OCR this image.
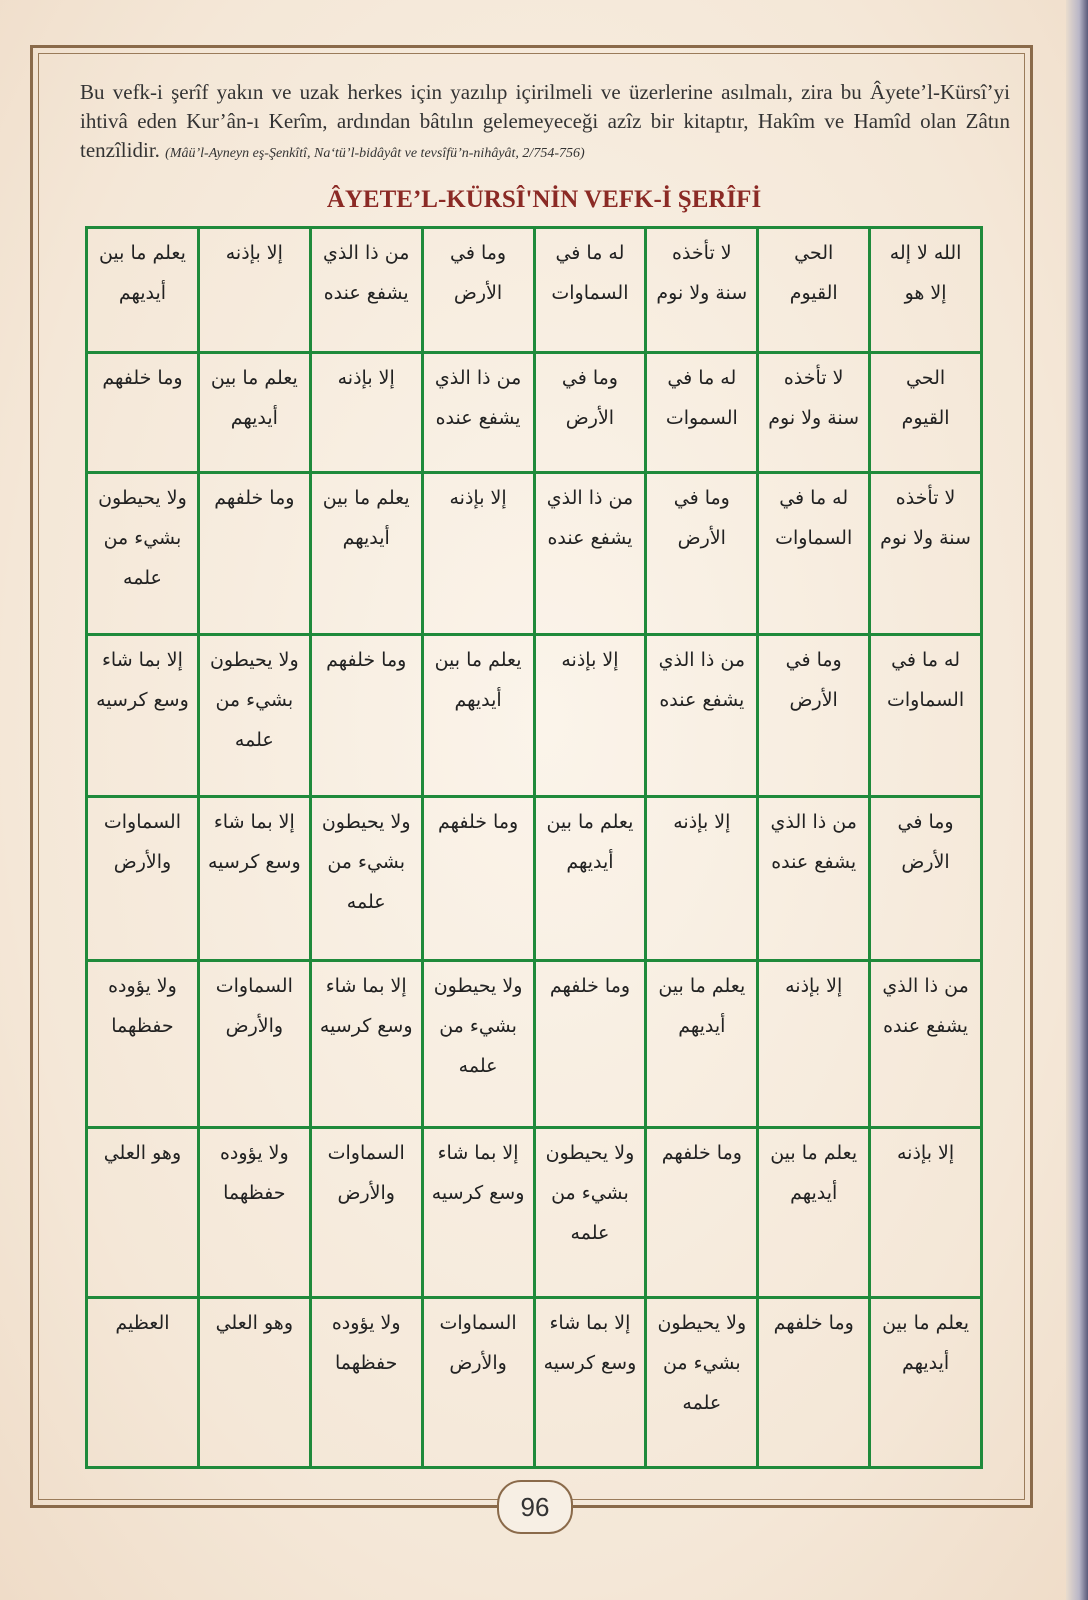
Bu vefk-i şerîf yakın ve uzak herkes için yazılıp içirilmeli ve üzerlerine asılmalı, zira bu Âyete’l-Kürsî’yi ihtivâ eden Kur’ân-ı Kerîm, ardından bâtılın gelemeyeceği azîz bir kitaptır, Hakîm ve Hamîd olan Zâtın tenzîlidir. (Mâü’l-Ayneyn eş-Şenkîtî, Na‘tü’l-bidâyât ve tevsîfü’n-nihâyât, 2/754-756)

ÂYETE’L-KÜRSÎ'NİN VEFK-İ ŞERÎFİ
الله لا إله إلا هو	الحي القيوم	لا تأخذه سنة ولا نوم	له ما في السماوات	وما في الأرض	من ذا الذي يشفع عنده	إلا بإذنه	يعلم ما بين أيديهم
الحي القيوم	لا تأخذه سنة ولا نوم	له ما في السموات	وما في الأرض	من ذا الذي يشفع عنده	إلا بإذنه	يعلم ما بين أيديهم	وما خلفهم
لا تأخذه سنة ولا نوم	له ما في السماوات	وما في الأرض	من ذا الذي يشفع عنده	إلا بإذنه	يعلم ما بين أيديهم	وما خلفهم	ولا يحيطون بشيء من علمه
له ما في السماوات	وما في الأرض	من ذا الذي يشفع عنده	إلا بإذنه	يعلم ما بين أيديهم	وما خلفهم	ولا يحيطون بشيء من علمه	إلا بما شاء وسع كرسيه
وما في الأرض	من ذا الذي يشفع عنده	إلا بإذنه	يعلم ما بين أيديهم	وما خلفهم	ولا يحيطون بشيء من علمه	إلا بما شاء وسع كرسيه	السماوات والأرض
من ذا الذي يشفع عنده	إلا بإذنه	يعلم ما بين أيديهم	وما خلفهم	ولا يحيطون بشيء من علمه	إلا بما شاء وسع كرسيه	السماوات والأرض	ولا يؤوده حفظهما
إلا بإذنه	يعلم ما بين أيديهم	وما خلفهم	ولا يحيطون بشيء من علمه	إلا بما شاء وسع كرسيه	السماوات والأرض	ولا يؤوده حفظهما	وهو العلي
يعلم ما بين أيديهم	وما خلفهم	ولا يحيطون بشيء من علمه	إلا بما شاء وسع كرسيه	السماوات والأرض	ولا يؤوده حفظهما	وهو العلي	العظيم
96
